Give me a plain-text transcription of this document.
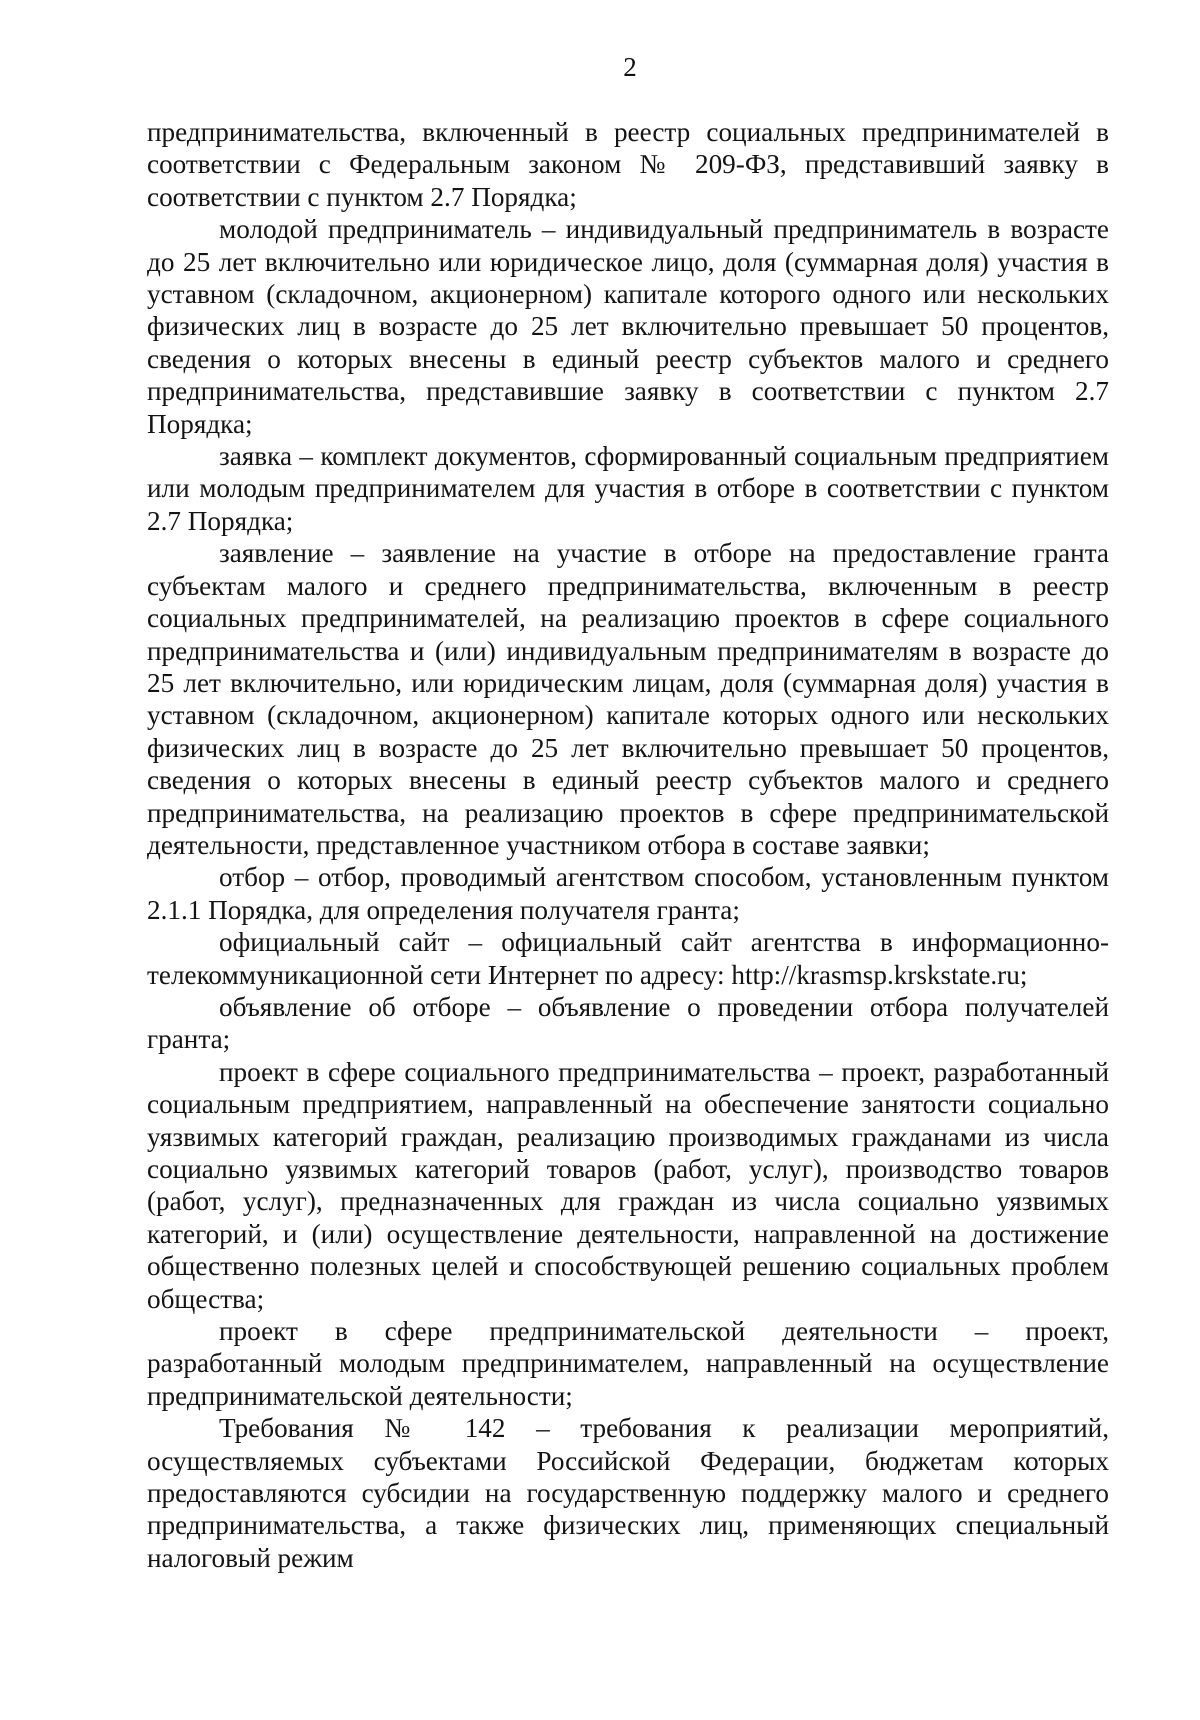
2

предпринимательства, включенный в реестр социальных предпринимателей в соответствии с Федеральным законом № 209-ФЗ, представивший заявку в соответствии с пунктом 2.7 Порядка;

молодой предприниматель – индивидуальный предприниматель в возрасте до 25 лет включительно или юридическое лицо, доля (суммарная доля) участия в уставном (складочном, акционерном) капитале которого одного или нескольких физических лиц в возрасте до 25 лет включительно превышает 50 процентов, сведения о которых внесены в единый реестр субъектов малого и среднего предпринимательства, представившие заявку в соответствии с пунктом 2.7 Порядка;

заявка – комплект документов, сформированный социальным предприятием или молодым предпринимателем для участия в отборе в соответствии с пунктом 2.7 Порядка;

заявление – заявление на участие в отборе на предоставление гранта субъектам малого и среднего предпринимательства, включенным в реестр социальных предпринимателей, на реализацию проектов в сфере социального предпринимательства и (или) индивидуальным предпринимателям в возрасте до 25 лет включительно, или юридическим лицам, доля (суммарная доля) участия в уставном (складочном, акционерном) капитале которых одного или нескольких физических лиц в возрасте до 25 лет включительно превышает 50 процентов, сведения о которых внесены в единый реестр субъектов малого и среднего предпринимательства, на реализацию проектов в сфере предпринимательской деятельности, представленное участником отбора в составе заявки;

отбор – отбор, проводимый агентством способом, установленным пунктом 2.1.1 Порядка, для определения получателя гранта;

официальный сайт – официальный сайт агентства в информационно-телекоммуникационной сети Интернет по адресу: http://krasmsp.krskstate.ru;

объявление об отборе – объявление о проведении отбора получателей гранта;

проект в сфере социального предпринимательства – проект, разработанный социальным предприятием, направленный на обеспечение занятости социально уязвимых категорий граждан, реализацию производимых гражданами из числа социально уязвимых категорий товаров (работ, услуг), производство товаров (работ, услуг), предназначенных для граждан из числа социально уязвимых категорий, и (или) осуществление деятельности, направленной на достижение общественно полезных целей и способствующей решению социальных проблем общества;

проект в сфере предпринимательской деятельности – проект, разработанный молодым предпринимателем, направленный на осуществление предпринимательской деятельности;

Требования № 142 – требования к реализации мероприятий, осуществляемых субъектами Российской Федерации, бюджетам которых предоставляются субсидии на государственную поддержку малого и среднего предпринимательства, а также физических лиц, применяющих специальный налоговый режим
